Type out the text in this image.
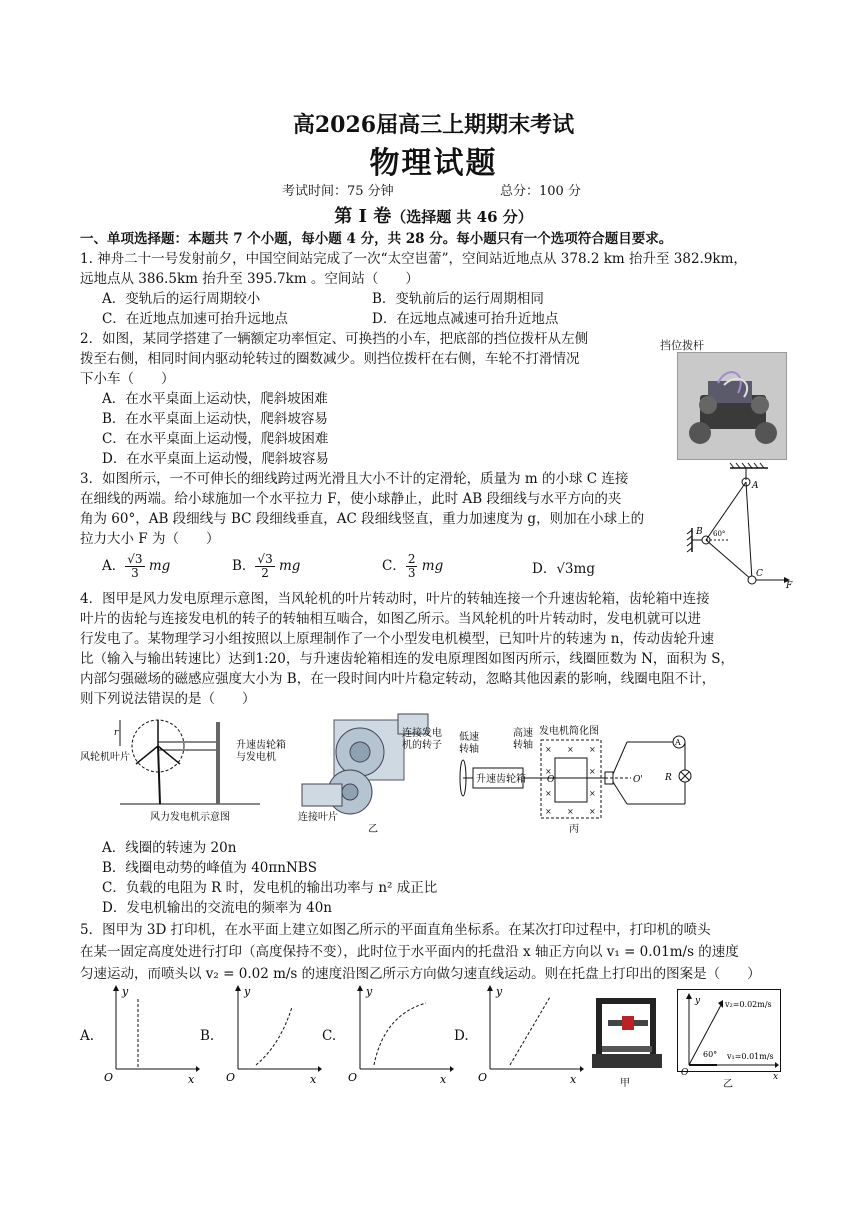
高2026届高三上期期末考试
物理试题
考试时间：75 分钟	总分：100 分
第 I 卷（选择题 共 46 分）
一、单项选择题：本题共 7 个小题，每小题 4 分，共 28 分。每小题只有一个选项符合题目要求。
1. 神舟二十一号发射前夕，中国空间站完成了一次“太空岜蕾”，空间站近地点从 378.2 km 抬升至 382.9km，
远地点从 386.5km 抬升至 395.7km 。空间站（　　）
A．变轨后的运行周期较小	B．变轨前后的运行周期相同
C．在近地点加速可抬升远地点	D．在远地点减速可抬升近地点
2．如图，某同学搭建了一辆额定功率恒定、可换挡的小车，把底部的挡位拨杆从左侧
拨至右侧，相同时间内驱动轮转过的圈数减少。则挡位拨杆在右侧，车轮不打滑情况
下小车（　　）
A．在水平桌面上运动快，爬斜坡困难
B．在水平桌面上运动快，爬斜坡容易
C．在水平桌面上运动慢，爬斜坡困难
D．在水平桌面上运动慢，爬斜坡容易
挡位拨杆
3．如图所示，一不可伸长的细线跨过两光滑且大小不计的定滑轮，质量为 m 的小球 C 连接
在细线的两端。给小球施加一个水平拉力 F，使小球静止，此时 AB 段细线与水平方向的夹
角为 60°，AB 段细线与 BC 段细线垂直，AC 段细线竖直，重力加速度为 g，则加在小球上的
拉力大小 F 为（　　）
A． $\frac{√3}{3}$ mg	B． $\frac{√3}{2}$ mg	C． $\frac{2}{3}$ mg	D．√3mg
A
B 60°
C
F
4．图甲是风力发电原理示意图，当风轮机的叶片转动时，叶片的转轴连接一个升速齿轮箱，齿轮箱中连接
叶片的齿轮与连接发电机的转子的转轴相互啮合，如图乙所示。当风轮机的叶片转动时，发电机就可以进
行发电了。某物理学习小组按照以上原理制作了一个小型发电机模型，已知叶片的转速为 n，传动齿轮升速
比（输入与输出转速比）达到1:20，与升速齿轮箱相连的发电原理图如图丙所示，线圈匝数为 N，面积为 S，
内部匀强磁场的磁感应强度大小为 B，在一段时间内叶片稳定转动，忽略其他因素的影响，线圈电阻不计，
则下列说法错误的是（　　）
r
风轮机叶片
升速齿轮箱
与发电机
风力发电机示意图
连接发电
机的转子
连接叶片
乙
低速
转轴
高速
转轴
发电机简化图
升速齿轮箱
× × ×
×	×
×	×
× × ×
O	O'
A
R
丙
A．线圈的转速为 20n
B．线圈电动势的峰值为 40πnNBS
C．负载的电阻为 R 时，发电机的输出功率与 n² 成正比
D．发电机输出的交流电的频率为 40n
5．图甲为 3D 打印机，在水平面上建立如图乙所示的平面直角坐标系。在某次打印过程中，打印机的喷头
在某一固定高度处进行打印（高度保持不变），此时位于水平面内的托盘沿 x 轴正方向以 v₁ = 0.01m/s 的速度
匀速运动，而喷头以 v₂ = 0.02 m/s 的速度沿图乙所示方向做匀速直线运动。则在托盘上打印出的图案是（　　）
A.
y
x
O
B.
y
x
O
C.
y
x
O
D.
y
x
O	甲
y
x
O
v₂=0.02m/s
v₁=0.01m/s
60°
乙
